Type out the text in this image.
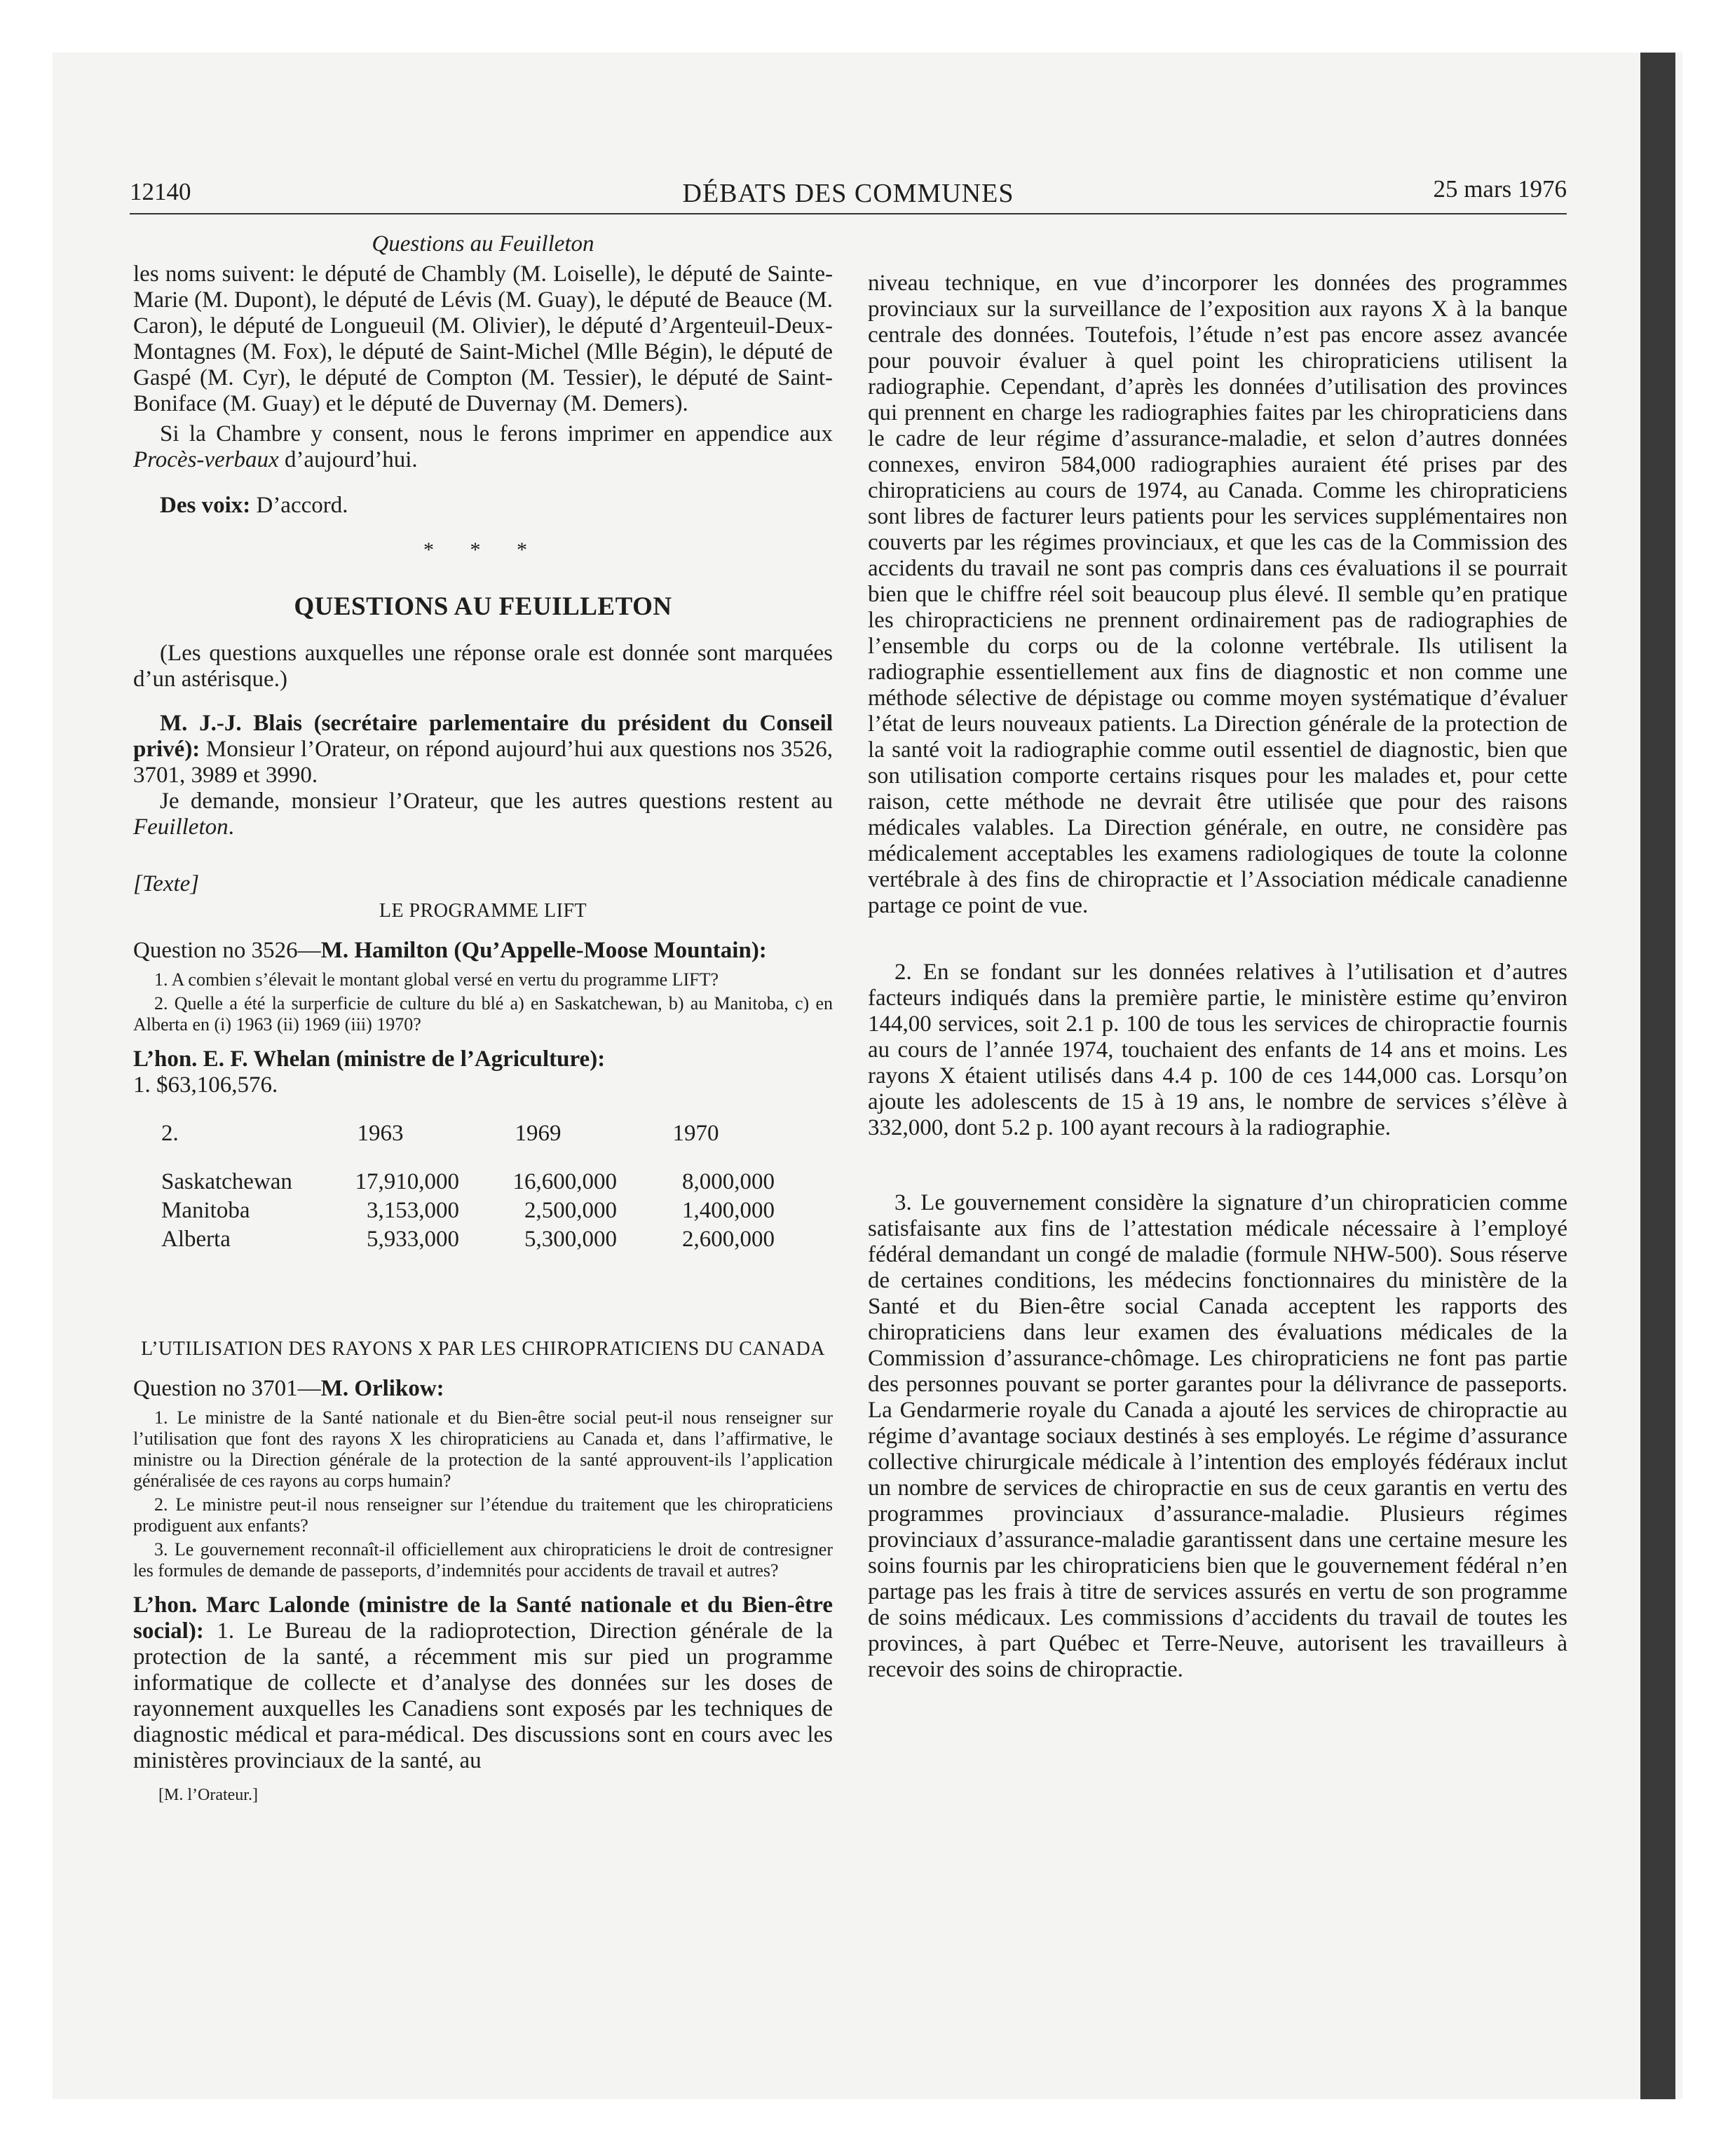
12140	DÉBATS DES COMMUNES	25 mars 1976

Questions au Feuilleton

les noms suivent: le député de Chambly (M. Loiselle), le député de Sainte-Marie (M. Dupont), le député de Lévis (M. Guay), le député de Beauce (M. Caron), le député de Longueuil (M. Olivier), le député d’Argenteuil-Deux-Montagnes (M. Fox), le député de Saint-Michel (Mlle Bégin), le député de Gaspé (M. Cyr), le député de Compton (M. Tessier), le député de Saint-Boniface (M. Guay) et le député de Duvernay (M. Demers).

Si la Chambre y consent, nous le ferons imprimer en appendice aux Procès-verbaux d’aujourd’hui.

Des voix: D’accord.

* * *

QUESTIONS AU FEUILLETON

(Les questions auxquelles une réponse orale est donnée sont marquées d’un astérisque.)

M. J.-J. Blais (secrétaire parlementaire du président du Conseil privé): Monsieur l’Orateur, on répond aujourd’hui aux questions nos 3526, 3701, 3989 et 3990.

Je demande, monsieur l’Orateur, que les autres questions restent au Feuilleton.

[Texte]

LE PROGRAMME LIFT

Question no 3526—M. Hamilton (Qu’Appelle-Moose Mountain):

1. A combien s’élevait le montant global versé en vertu du programme LIFT?

2. Quelle a été la surperficie de culture du blé a) en Saskatchewan, b) au Manitoba, c) en Alberta en (i) 1963 (ii) 1969 (iii) 1970?

L’hon. E. F. Whelan (ministre de l’Agriculture):

1. $63,106,576.

2.	1963	1969	1970
Saskatchewan	17,910,000	16,600,000	8,000,000
Manitoba	3,153,000	2,500,000	1,400,000
Alberta	5,933,000	5,300,000	2,600,000

L’UTILISATION DES RAYONS X PAR LES CHIROPRATICIENS DU CANADA

Question no 3701—M. Orlikow:

1. Le ministre de la Santé nationale et du Bien-être social peut-il nous renseigner sur l’utilisation que font des rayons X les chiropraticiens au Canada et, dans l’affirmative, le ministre ou la Direction générale de la protection de la santé approuvent-ils l’application généralisée de ces rayons au corps humain?

2. Le ministre peut-il nous renseigner sur l’étendue du traitement que les chiropraticiens prodiguent aux enfants?

3. Le gouvernement reconnaît-il officiellement aux chiropraticiens le droit de contresigner les formules de demande de passeports, d’indemnités pour accidents de travail et autres?

L’hon. Marc Lalonde (ministre de la Santé nationale et du Bien-être social): 1. Le Bureau de la radioprotection, Direction générale de la protection de la santé, a récemment mis sur pied un programme informatique de collecte et d’analyse des données sur les doses de rayonnement auxquelles les Canadiens sont exposés par les techniques de diagnostic médical et para-médical. Des discussions sont en cours avec les ministères provinciaux de la santé, au

[M. l’Orateur.]

niveau technique, en vue d’incorporer les données des programmes provinciaux sur la surveillance de l’exposition aux rayons X à la banque centrale des données. Toutefois, l’étude n’est pas encore assez avancée pour pouvoir évaluer à quel point les chiropraticiens utilisent la radiographie. Cependant, d’après les données d’utilisation des provinces qui prennent en charge les radiographies faites par les chiropraticiens dans le cadre de leur régime d’assurance-maladie, et selon d’autres données connexes, environ 584,000 radiographies auraient été prises par des chiropraticiens au cours de 1974, au Canada. Comme les chiropraticiens sont libres de facturer leurs patients pour les services supplémentaires non couverts par les régimes provinciaux, et que les cas de la Commission des accidents du travail ne sont pas compris dans ces évaluations il se pourrait bien que le chiffre réel soit beaucoup plus élevé. Il semble qu’en pratique les chiropracticiens ne prennent ordinairement pas de radiographies de l’ensemble du corps ou de la colonne vertébrale. Ils utilisent la radiographie essentiellement aux fins de diagnostic et non comme une méthode sélective de dépistage ou comme moyen systématique d’évaluer l’état de leurs nouveaux patients. La Direction générale de la protection de la santé voit la radiographie comme outil essentiel de diagnostic, bien que son utilisation comporte certains risques pour les malades et, pour cette raison, cette méthode ne devrait être utilisée que pour des raisons médicales valables. La Direction générale, en outre, ne considère pas médicalement acceptables les examens radiologiques de toute la colonne vertébrale à des fins de chiropractie et l’Association médicale canadienne partage ce point de vue.

2. En se fondant sur les données relatives à l’utilisation et d’autres facteurs indiqués dans la première partie, le ministère estime qu’environ 144,00 services, soit 2.1 p. 100 de tous les services de chiropractie fournis au cours de l’année 1974, touchaient des enfants de 14 ans et moins. Les rayons X étaient utilisés dans 4.4 p. 100 de ces 144,000 cas. Lorsqu’on ajoute les adolescents de 15 à 19 ans, le nombre de services s’élève à 332,000, dont 5.2 p. 100 ayant recours à la radiographie.

3. Le gouvernement considère la signature d’un chiropraticien comme satisfaisante aux fins de l’attestation médicale nécessaire à l’employé fédéral demandant un congé de maladie (formule NHW-500). Sous réserve de certaines conditions, les médecins fonctionnaires du ministère de la Santé et du Bien-être social Canada acceptent les rapports des chiropraticiens dans leur examen des évaluations médicales de la Commission d’assurance-chômage. Les chiropraticiens ne font pas partie des personnes pouvant se porter garantes pour la délivrance de passeports. La Gendarmerie royale du Canada a ajouté les services de chiropractie au régime d’avantage sociaux destinés à ses employés. Le régime d’assurance collective chirurgicale médicale à l’intention des employés fédéraux inclut un nombre de services de chiropractie en sus de ceux garantis en vertu des programmes provinciaux d’assurance-maladie. Plusieurs régimes provinciaux d’assurance-maladie garantissent dans une certaine mesure les soins fournis par les chiropraticiens bien que le gouvernement fédéral n’en partage pas les frais à titre de services assurés en vertu de son programme de soins médicaux. Les commissions d’accidents du travail de toutes les provinces, à part Québec et Terre-Neuve, autorisent les travailleurs à recevoir des soins de chiropractie.
